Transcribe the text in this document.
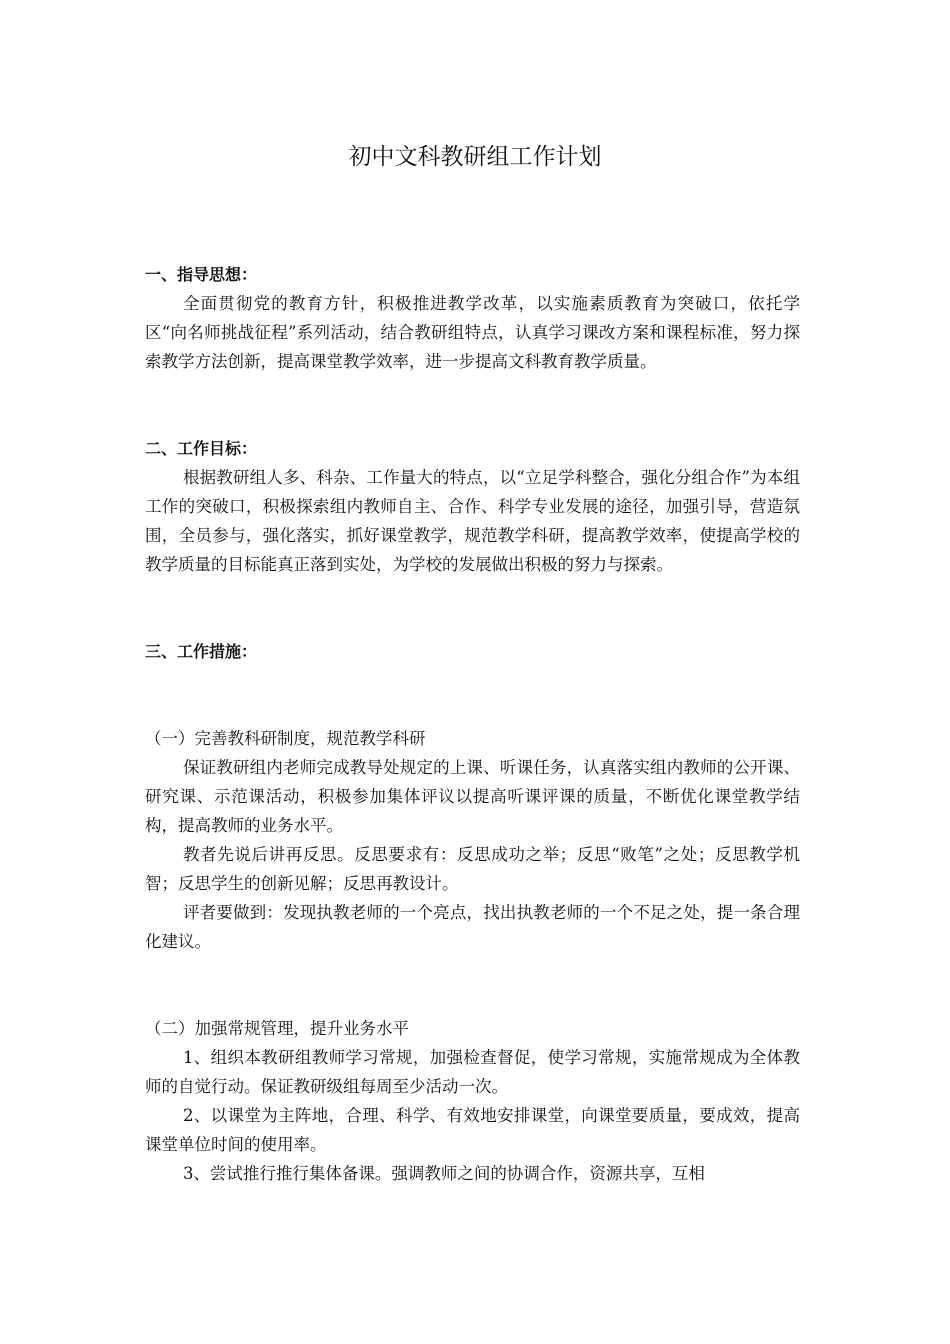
初中文科教研组工作计划

一、指导思想：

全面贯彻党的教育方针，积极推进教学改革，以实施素质教育为突破口，依托学区“向名师挑战征程”系列活动，结合教研组特点，认真学习课改方案和课程标准，努力探索教学方法创新，提高课堂教学效率，进一步提高文科教育教学质量。

二、工作目标：

根据教研组人多、科杂、工作量大的特点，以“立足学科整合，强化分组合作”为本组工作的突破口，积极探索组内教师自主、合作、科学专业发展的途径，加强引导，营造氛围，全员参与，强化落实，抓好课堂教学，规范教学科研，提高教学效率，使提高学校的教学质量的目标能真正落到实处，为学校的发展做出积极的努力与探索。

三、工作措施：

（一）完善教科研制度，规范教学科研

保证教研组内老师完成教导处规定的上课、听课任务，认真落实组内教师的公开课、研究课、示范课活动，积极参加集体评议以提高听课评课的质量，不断优化课堂教学结构，提高教师的业务水平。

教者先说后讲再反思。反思要求有：反思成功之举；反思“败笔”之处；反思教学机智；反思学生的创新见解；反思再教设计。

评者要做到：发现执教老师的一个亮点，找出执教老师的一个不足之处，提一条合理化建议。

（二）加强常规管理，提升业务水平

1、组织本教研组教师学习常规，加强检查督促，使学习常规，实施常规成为全体教师的自觉行动。保证教研级组每周至少活动一次。

2、以课堂为主阵地，合理、科学、有效地安排课堂，向课堂要质量，要成效，提高课堂单位时间的使用率。

3、尝试推行推行集体备课。强调教师之间的协调合作，资源共享，互相
